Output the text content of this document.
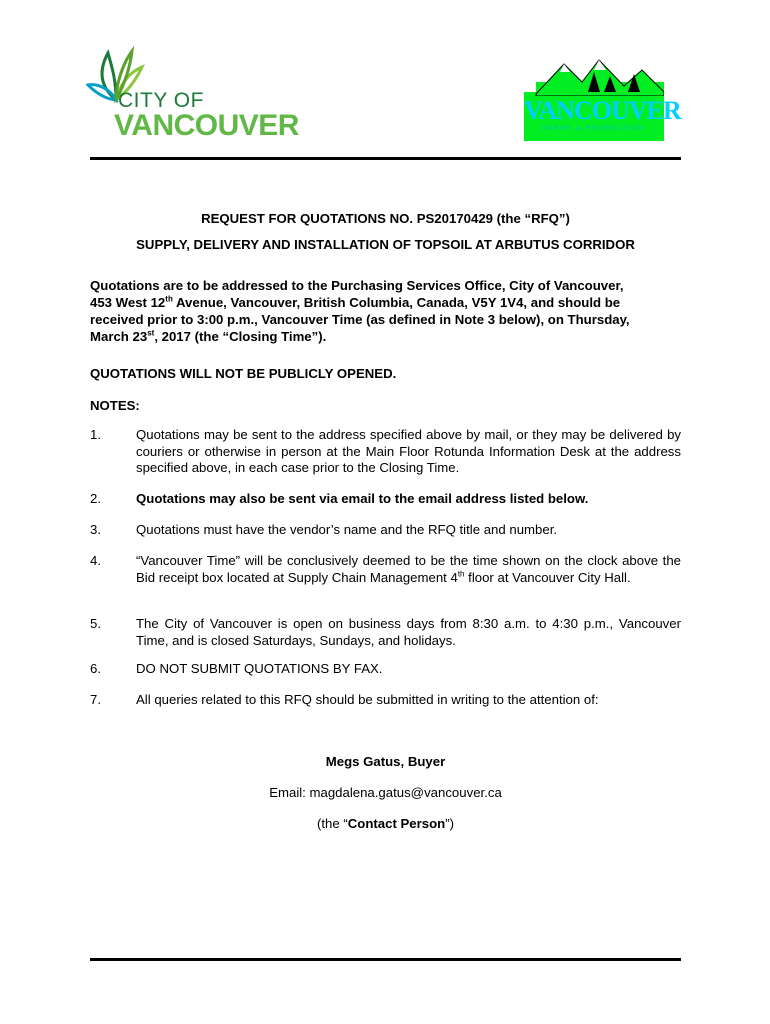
CITY OF
VANCOUVER	VANCOUVER
PARKS & RECREATION
REQUEST FOR QUOTATIONS NO. PS20170429 (the “RFQ”)
SUPPLY, DELIVERY AND INSTALLATION OF TOPSOIL AT ARBUTUS CORRIDOR
Quotations are to be addressed to the Purchasing Services Office, City of Vancouver,
453 West 12th Avenue, Vancouver, British Columbia, Canada, V5Y 1V4, and should be
received prior to 3:00 p.m., Vancouver Time (as defined in Note 3 below), on Thursday,
March 23st, 2017 (the “Closing Time”).
QUOTATIONS WILL NOT BE PUBLICLY OPENED.
NOTES:
1.	Quotations may be sent to the address specified above by mail, or they may be delivered by couriers or otherwise in person at the Main Floor Rotunda Information Desk at the address specified above, in each case prior to the Closing Time.
2.	Quotations may also be sent via email to the email address listed below.
3.	Quotations must have the vendor’s name and the RFQ title and number.
4.	“Vancouver Time” will be conclusively deemed to be the time shown on the clock above the Bid receipt box located at Supply Chain Management 4th floor at Vancouver City Hall.
5.	The City of Vancouver is open on business days from 8:30 a.m. to 4:30 p.m., Vancouver Time, and is closed Saturdays, Sundays, and holidays.
6.	DO NOT SUBMIT QUOTATIONS BY FAX.
7.	All queries related to this RFQ should be submitted in writing to the attention of:
Megs Gatus, Buyer
Email: magdalena.gatus@vancouver.ca
(the “Contact Person”)
